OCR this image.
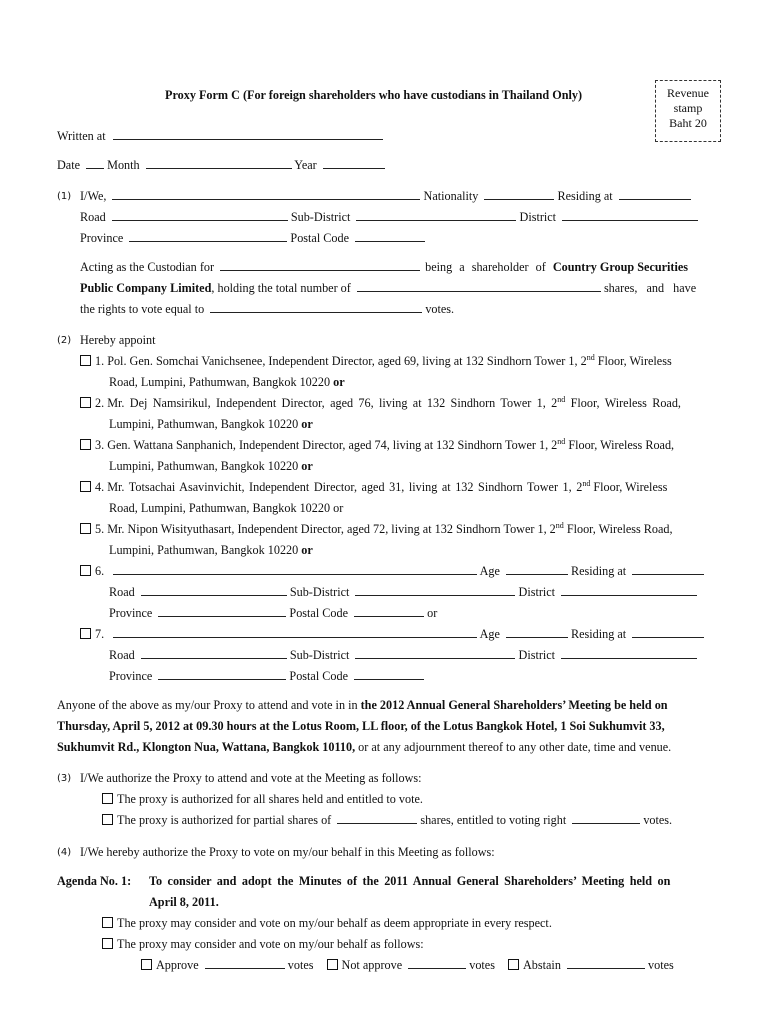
Proxy Form C (For foreign shareholders who have custodians in Thailand Only)	Revenue
stamp
Baht 20
Written at
Date Month	Year
(1) I/We,	Nationality	Residing at
Road	Sub-District	District
Province	Postal Code
Acting as the Custodian for	being a shareholder of Country Group Securities
Public Company Limited, holding the total number of	shares, and have
the rights to vote equal to	votes.
(2) Hereby appoint
1. Pol. Gen. Somchai Vanichsenee, Independent Director, aged 69, living at 132 Sindhorn Tower 1, 2nd Floor, Wireless
Road, Lumpini, Pathumwan, Bangkok 10220 or
2. Mr. Dej Namsirikul, Independent Director, aged 76, living at 132 Sindhorn Tower 1, 2nd Floor, Wireless Road,
Lumpini, Pathumwan, Bangkok 10220 or
3. Gen. Wattana Sanphanich, Independent Director, aged 74, living at 132 Sindhorn Tower 1, 2nd Floor, Wireless Road,
Lumpini, Pathumwan, Bangkok 10220 or
4. Mr. Totsachai Asavinvichit, Independent Director, aged 31, living at 132 Sindhorn Tower 1, 2nd Floor, Wireless
Road, Lumpini, Pathumwan, Bangkok 10220 or
5. Mr. Nipon Wisityuthasart, Independent Director, aged 72, living at 132 Sindhorn Tower 1, 2nd Floor, Wireless Road,
Lumpini, Pathumwan, Bangkok 10220 or
6.	Age	Residing at
Road	Sub-District	District
Province	Postal Code	or
7.	Age	Residing at
Road	Sub-District	District
Province	Postal Code
Anyone of the above as my/our Proxy to attend and vote in in the 2012 Annual General Shareholders’ Meeting be held on
Thursday, April 5, 2012 at 09.30 hours at the Lotus Room, LL floor, of the Lotus Bangkok Hotel, 1 Soi Sukhumvit 33,
Sukhumvit Rd., Klongton Nua, Wattana, Bangkok 10110, or at any adjournment thereof to any other date, time and venue.
(3) I/We authorize the Proxy to attend and vote at the Meeting as follows:
The proxy is authorized for all shares held and entitled to vote.
The proxy is authorized for partial shares of	shares, entitled to voting right	votes.
(4) I/We hereby authorize the Proxy to vote on my/our behalf in this Meeting as follows:
Agenda No. 1: To consider and adopt the Minutes of the 2011 Annual General Shareholders’ Meeting held on
April 8, 2011.
The proxy may consider and vote on my/our behalf as deem appropriate in every respect.
The proxy may consider and vote on my/our behalf as follows:
Approve	votes Not approve	votes Abstain	votes
